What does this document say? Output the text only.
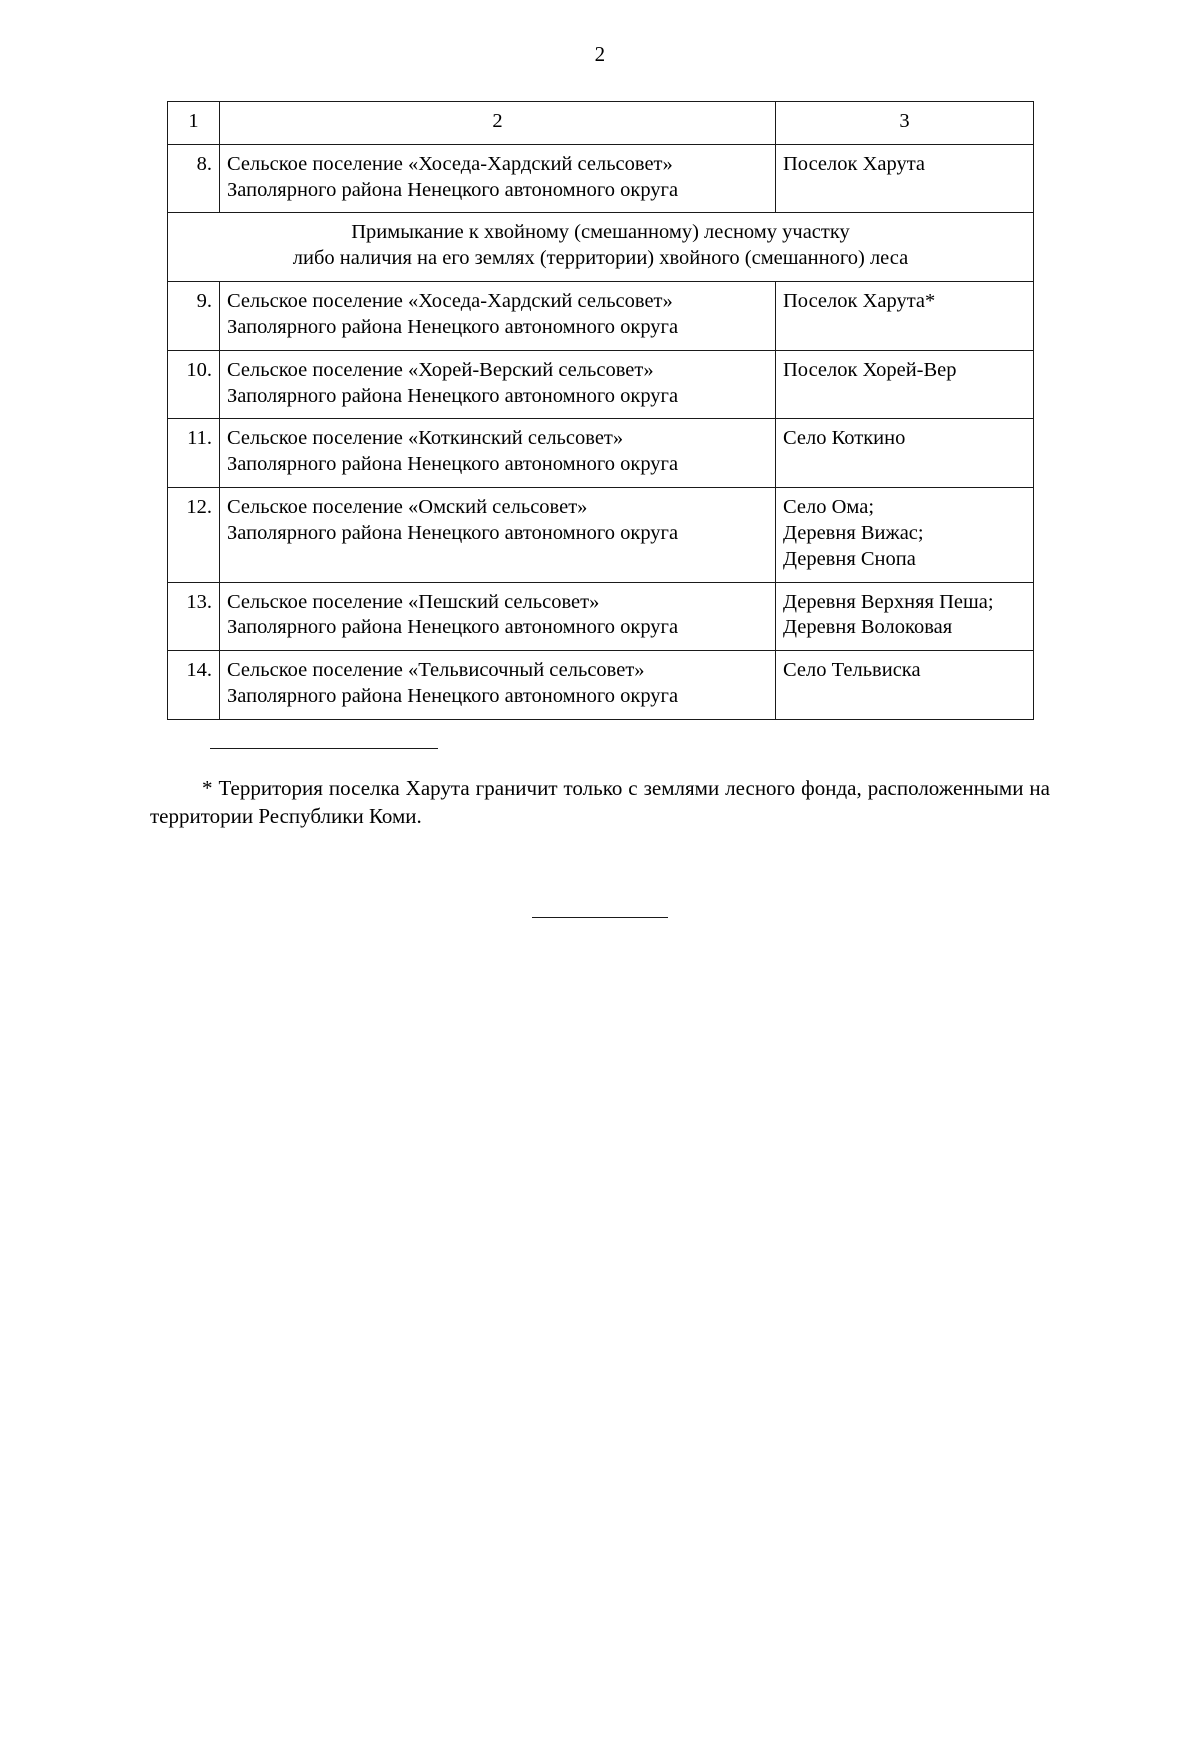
2
1	2	3
8.	Сельское поселение «Хоседа-Хардский сельсовет»
Заполярного района Ненецкого автономного округа	Поселок Харута

Примыкание к хвойному (смешанному) лесному участку
либо наличия на его землях (территории) хвойного (смешанного) леса		

9.	Сельское поселение «Хоседа-Хардский сельсовет»
Заполярного района Ненецкого автономного округа	Поселок Харута*

10.	Сельское поселение «Хорей-Верский сельсовет»
Заполярного района Ненецкого автономного округа	Поселок Хорей-Вер

11.	Сельское поселение «Коткинский сельсовет»
Заполярного района Ненецкого автономного округа	Село Коткино

12.	Сельское поселение «Омский сельсовет»
Заполярного района Ненецкого автономного округа	Село Ома;
Деревня Вижас;
Деревня Снопа

13.	Сельское поселение «Пешский сельсовет»
Заполярного района Ненецкого автономного округа	Деревня Верхняя Пеша;
Деревня Волоковая

14.	Сельское поселение «Тельвисочный сельсовет»
Заполярного района Ненецкого автономного округа	Село Тельвиска
* Территория поселка Харута граничит только с землями лесного фонда, расположенными на территории Республики Коми.
